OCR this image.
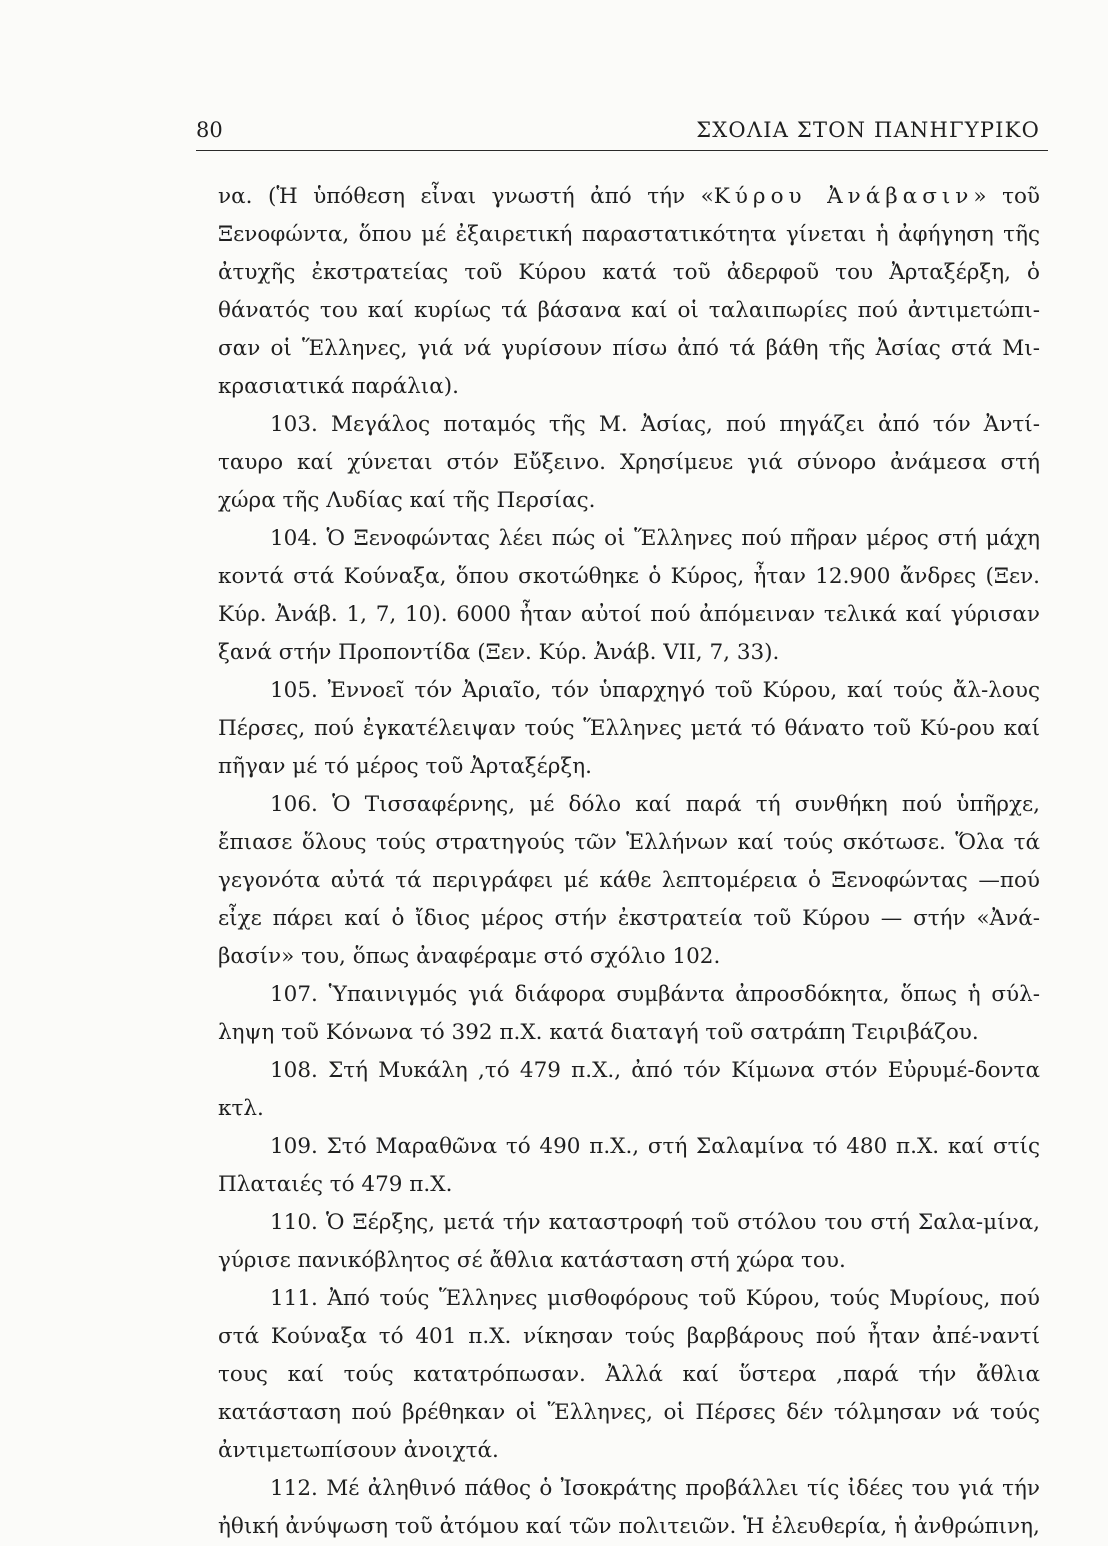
80	ΣΧΟΛΙΑ ΣΤΟΝ ΠΑΝΗΓΥΡΙΚΟ

να. (Ἡ ὑπόθεση εἶναι γνωστή ἀπό τήν «Κύρου Ἀνάβασιν» τοῦ Ξενοφώντα, ὅπου μέ ἐξαιρετική παραστατικότητα γίνεται ἡ ἀφήγηση τῆς ἀτυχῆς ἐκστρατείας τοῦ Κύρου κατά τοῦ ἀδερφοῦ του Ἀρταξέρξη, ὁ θάνατός του καί κυρίως τά βάσανα καί οἱ ταλαιπωρίες πού ἀντιμετώπι-σαν οἱ Ἕλληνες, γιά νά γυρίσουν πίσω ἀπό τά βάθη τῆς Ἀσίας στά Μι-κρασιατικά παράλια).

103. Μεγάλος ποταμός τῆς Μ. Ἀσίας, πού πηγάζει ἀπό τόν Ἀντί-ταυρο καί χύνεται στόν Εὔξεινο. Χρησίμευε γιά σύνορο ἀνάμεσα στή χώρα τῆς Λυδίας καί τῆς Περσίας.

104. Ὁ Ξενοφώντας λέει πώς οἱ Ἕλληνες πού πῆραν μέρος στή μάχη κοντά στά Κούναξα, ὅπου σκοτώθηκε ὁ Κύρος, ἦταν 12.900 ἄνδρες (Ξεν. Κύρ. Ἀνάβ. 1, 7, 10). 6000 ἦταν αὐτοί πού ἀπόμειναν τελικά καί γύρισαν ξανά στήν Προποντίδα (Ξεν. Κύρ. Ἀνάβ. VII, 7, 33).

105. Ἐννοεῖ τόν Ἀριαῖο, τόν ὑπαρχηγό τοῦ Κύρου, καί τούς ἄλ-λους Πέρσες, πού ἐγκατέλειψαν τούς Ἕλληνες μετά τό θάνατο τοῦ Κύ-ρου καί πῆγαν μέ τό μέρος τοῦ Ἀρταξέρξη.

106. Ὁ Τισσαφέρνης, μέ δόλο καί παρά τή συνθήκη πού ὑπῆρχε, ἔπιασε ὅλους τούς στρατηγούς τῶν Ἑλλήνων καί τούς σκότωσε. Ὅλα τά γεγονότα αὐτά τά περιγράφει μέ κάθε λεπτομέρεια ὁ Ξενοφώντας —πού εἶχε πάρει καί ὁ ἴδιος μέρος στήν ἐκστρατεία τοῦ Κύρου — στήν «Ἀνά-βασίν» του, ὅπως ἀναφέραμε στό σχόλιο 102.

107. Ὑπαινιγμός γιά διάφορα συμβάντα ἀπροσδόκητα, ὅπως ἡ σύλ-ληψη τοῦ Κόνωνα τό 392 π.Χ. κατά διαταγή τοῦ σατράπη Τειριβάζου.

108. Στή Μυκάλη ,τό 479 π.Χ., ἀπό τόν Κίμωνα στόν Εὐρυμέ-δοντα κτλ.

109. Στό Μαραθῶνα τό 490 π.Χ., στή Σαλαμίνα τό 480 π.Χ. καί στίς Πλαταιές τό 479 π.Χ.

110. Ὁ Ξέρξης, μετά τήν καταστροφή τοῦ στόλου του στή Σαλα-μίνα, γύρισε πανικόβλητος σέ ἄθλια κατάσταση στή χώρα του.

111. Ἀπό τούς Ἕλληνες μισθοφόρους τοῦ Κύρου, τούς Μυρίους, πού στά Κούναξα τό 401 π.Χ. νίκησαν τούς βαρβάρους πού ἦταν ἀπέ-ναντί τους καί τούς κατατρόπωσαν. Ἀλλά καί ὕστερα ,παρά τήν ἄθλια κατάσταση πού βρέθηκαν οἱ Ἕλληνες, οἱ Πέρσες δέν τόλμησαν νά τούς ἀντιμετωπίσουν ἀνοιχτά.

112. Μέ ἀληθινό πάθος ὁ Ἰσοκράτης προβάλλει τίς ἰδέες του γιά τήν ἠθική ἀνύψωση τοῦ ἀτόμου καί τῶν πολιτειῶν. Ἡ ἐλευθερία, ἡ ἀνθρώπινη,
